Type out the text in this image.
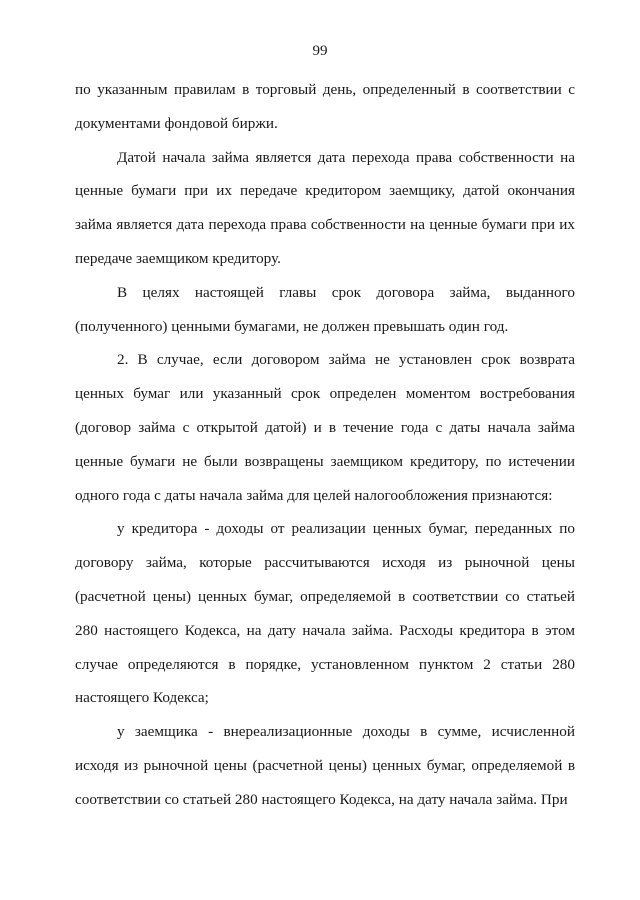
99

по указанным правилам в торговый день, определенный в соответствии с документами фондовой биржи.

Датой начала займа является дата перехода права собственности на ценные бумаги при их передаче кредитором заемщику, датой окончания займа является дата перехода права собственности на ценные бумаги при их передаче заемщиком кредитору.

В целях настоящей главы срок договора займа, выданного (полученного) ценными бумагами, не должен превышать один год.

2. В случае, если договором займа не установлен срок возврата ценных бумаг или указанный срок определен моментом востребования (договор займа с открытой датой) и в течение года с даты начала займа ценные бумаги не были возвращены заемщиком кредитору, по истечении одного года с даты начала займа для целей налогообложения признаются:

у кредитора - доходы от реализации ценных бумаг, переданных по договору займа, которые рассчитываются исходя из рыночной цены (расчетной цены) ценных бумаг, определяемой в соответствии со статьей 280 настоящего Кодекса, на дату начала займа. Расходы кредитора в этом случае определяются в порядке, установленном пунктом 2 статьи 280 настоящего Кодекса;

у заемщика - внереализационные доходы в сумме, исчисленной исходя из рыночной цены (расчетной цены) ценных бумаг, определяемой в соответствии со статьей 280 настоящего Кодекса, на дату начала займа. При
